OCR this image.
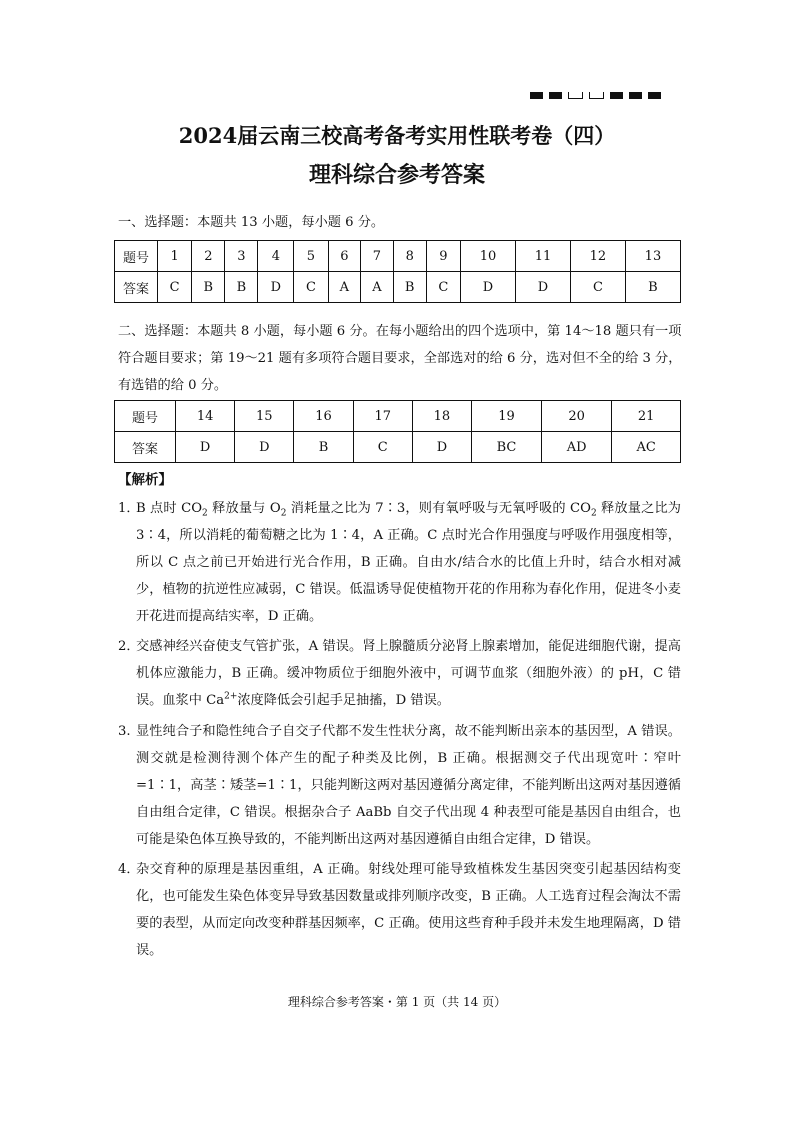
2024届云南三校高考备考实用性联考卷（四）
理科综合参考答案
一、选择题：本题共 13 小题，每小题 6 分。
题号	1	2	3	4	5	6	7	8	9	10	11	12	13
答案	C	B	B	D	C	A	A	B	C	D	D	C	B
二、选择题：本题共 8 小题，每小题 6 分。在每小题给出的四个选项中，第 14～18 题只有一项符合题目要求；第 19～21 题有多项符合题目要求，全部选对的给 6 分，选对但不全的给 3 分，有选错的给 0 分。
题号	14	15	16	17	18	19	20	21
答案	D	D	B	C	D	BC	AD	AC
【解析】
1．
B 点时 $CO_2$ 释放量与 $O_2$ 消耗量之比为 7∶3，则有氧呼吸与无氧呼吸的 $CO_2$ 释放量之比为 3∶4，所以消耗的葡萄糖之比为 1∶4，A 正确。C 点时光合作用强度与呼吸作用强度相等，所以 C 点之前已开始进行光合作用，B 正确。自由水/结合水的比值上升时，结合水相对减少，植物的抗逆性应减弱，C 错误。低温诱导促使植物开花的作用称为春化作用，促进冬小麦开花进而提高结实率，D 正确。
2．
交感神经兴奋使支气管扩张，A 错误。肾上腺髓质分泌肾上腺素增加，能促进细胞代谢，提高机体应激能力，B 正确。缓冲物质位于细胞外液中，可调节血浆（细胞外液）的 pH，C 错误。血浆中 $Ca^{2+}$浓度降低会引起手足抽搐，D 错误。
3. 显性纯合子和隐性纯合子自交子代都不发生性状分离，故不能判断出亲本的基因型，A 错误。测交就是检测待测个体产生的配子种类及比例，B 正确。根据测交子代出现宽叶∶窄叶=1∶1，高茎∶矮茎=1∶1，只能判断这两对基因遵循分离定律，不能判断出这两对基因遵循自由组合定律，C 错误。根据杂合子 AaBb 自交子代出现 4 种表型可能是基因自由组合，也可能是染色体互换导致的，不能判断出这两对基因遵循自由组合定律，D 错误。
4．
杂交育种的原理是基因重组，A 正确。射线处理可能导致植株发生基因突变引起基因结构变化，也可能发生染色体变异导致基因数量或排列顺序改变，B 正确。人工选育过程会淘汰不需要的表型，从而定向改变种群基因频率，C 正确。使用这些育种手段并未发生地理隔离，D 错误。
理科综合参考答案・第 1 页（共 14 页）
